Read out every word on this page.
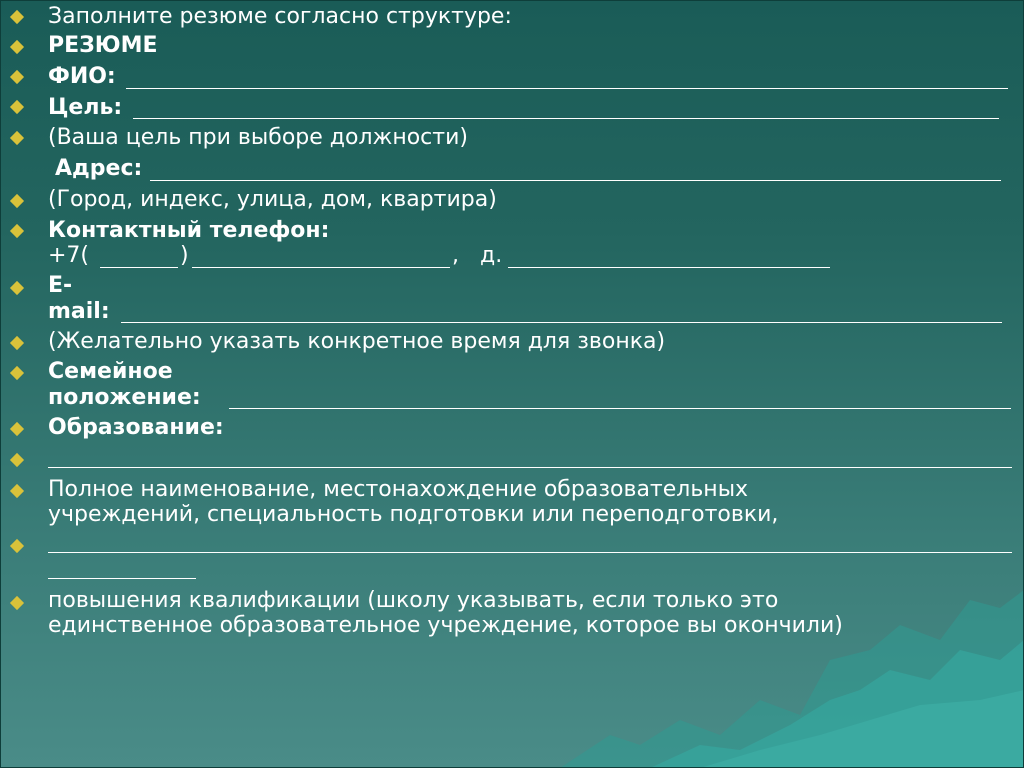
Заполните резюме согласно структуре:
РЕЗЮМЕ
ФИО:
Цель:
(Ваша цель при выборе должности)
Адрес:
(Город, индекс, улица, дом, квартира)
Контактный телефон:
+7(	)	, д.
E-
mail:
(Желательно указать конкретное время для звонка)
Семейное
положение:
Образование:
Полное наименование, местонахождение образовательных
учреждений, специальность подготовки или переподготовки,
повышения квалификации (школу указывать, если только это
единственное образовательное учреждение, которое вы окончили)
